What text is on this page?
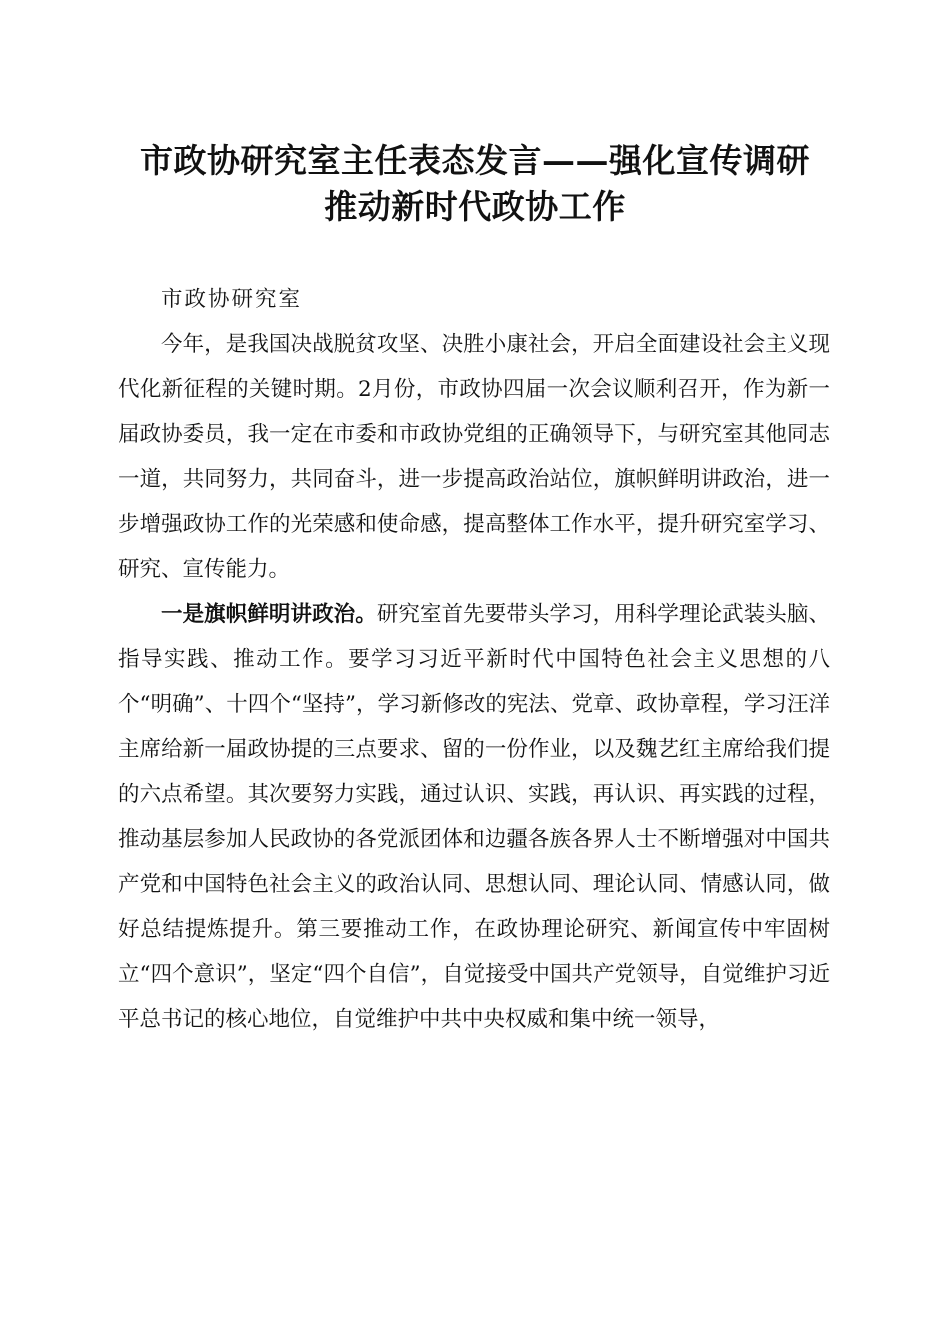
市政协研究室主任表态发言——强化宣传调研
推动新时代政协工作

市政协研究室

今年，是我国决战脱贫攻坚、决胜小康社会，开启全面建设社会主义现代化新征程的关键时期。2月份，市政协四届一次会议顺利召开，作为新一届政协委员，我一定在市委和市政协党组的正确领导下，与研究室其他同志一道，共同努力，共同奋斗，进一步提高政治站位，旗帜鲜明讲政治，进一步增强政协工作的光荣感和使命感，提高整体工作水平，提升研究室学习、研究、宣传能力。

一是旗帜鲜明讲政治。研究室首先要带头学习，用科学理论武装头脑、指导实践、推动工作。要学习习近平新时代中国特色社会主义思想的八个“明确”、十四个“坚持”，学习新修改的宪法、党章、政协章程，学习汪洋主席给新一届政协提的三点要求、留的一份作业，以及魏艺红主席给我们提的六点希望。其次要努力实践，通过认识、实践，再认识、再实践的过程，推动基层参加人民政协的各党派团体和边疆各族各界人士不断增强对中国共产党和中国特色社会主义的政治认同、思想认同、理论认同、情感认同，做好总结提炼提升。第三要推动工作，在政协理论研究、新闻宣传中牢固树立“四个意识”，坚定“四个自信”，自觉接受中国共产党领导，自觉维护习近平总书记的核心地位，自觉维护中共中央权威和集中统一领导，
